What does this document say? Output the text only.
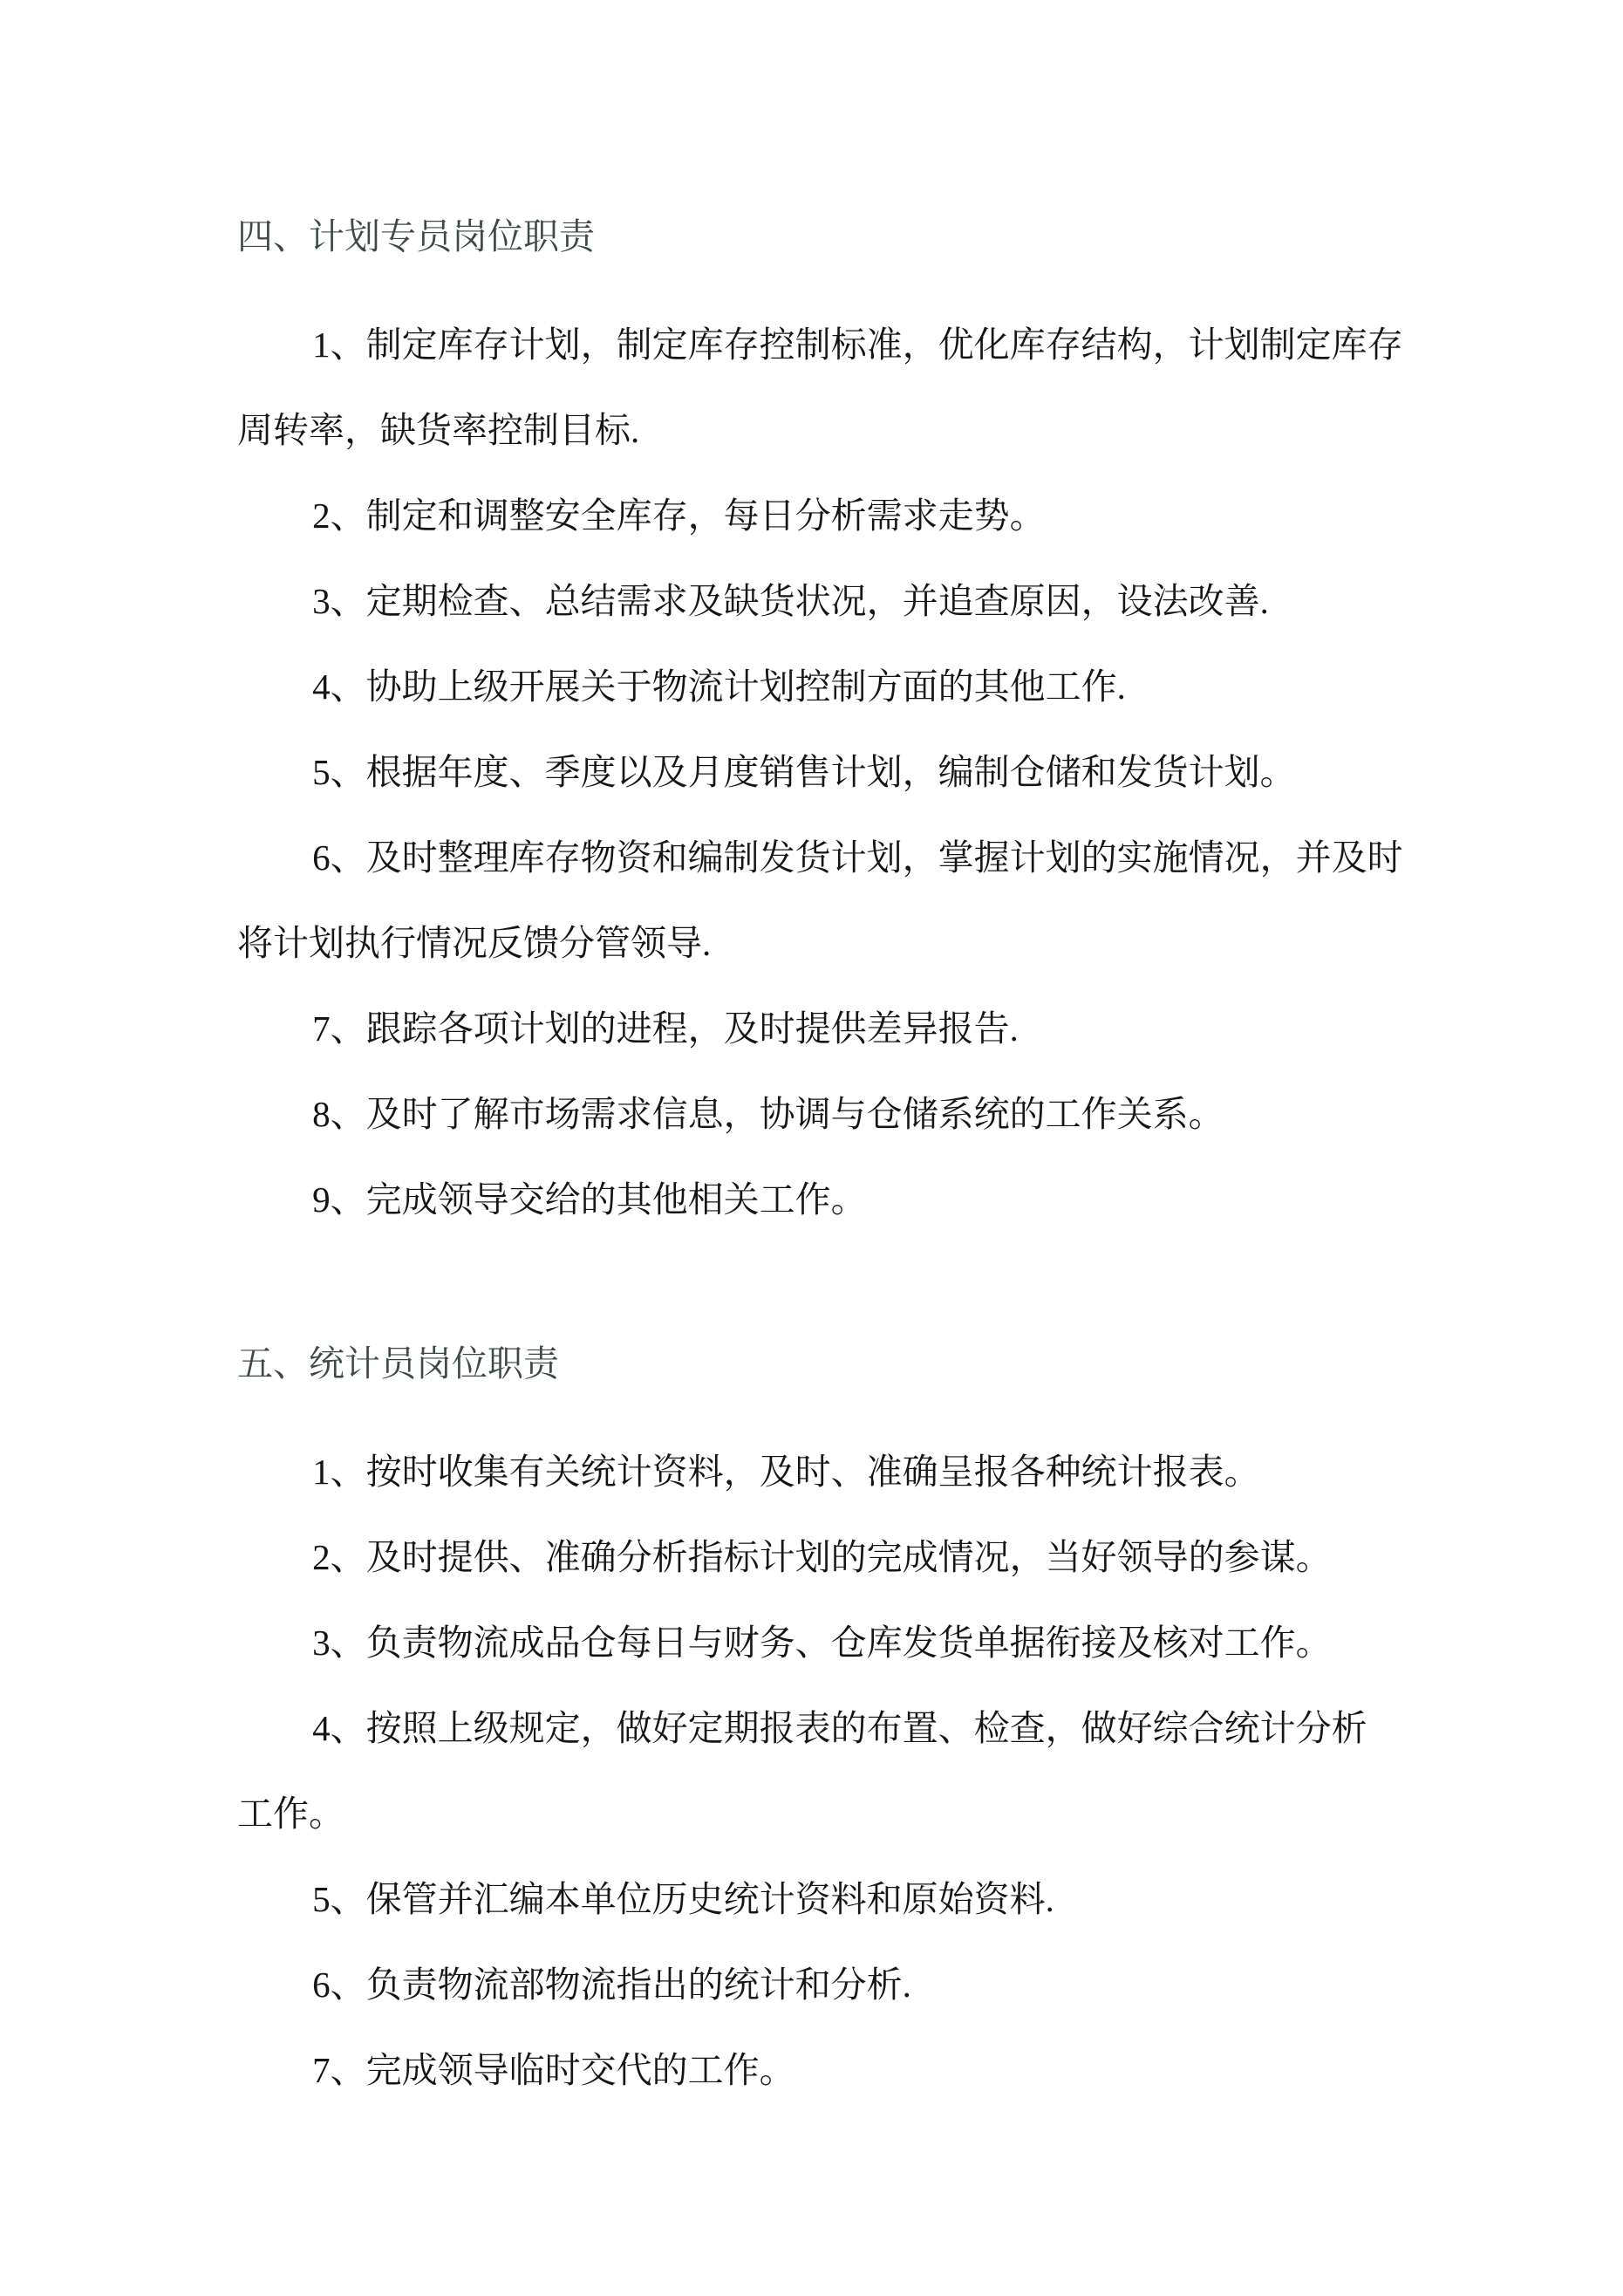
四、计划专员岗位职责

1、制定库存计划，制定库存控制标准，优化库存结构，计划制定库存

周转率，缺货率控制目标.

2、制定和调整安全库存，每日分析需求走势。

3、定期检查、总结需求及缺货状况，并追查原因，设法改善.

4、协助上级开展关于物流计划控制方面的其他工作.

5、根据年度、季度以及月度销售计划，编制仓储和发货计划。

6、及时整理库存物资和编制发货计划，掌握计划的实施情况，并及时

将计划执行情况反馈分管领导.

7、跟踪各项计划的进程，及时提供差异报告.

8、及时了解市场需求信息，协调与仓储系统的工作关系。

9、完成领导交给的其他相关工作。

五、统计员岗位职责

1、按时收集有关统计资料，及时、准确呈报各种统计报表。

2、及时提供、准确分析指标计划的完成情况，当好领导的参谋。

3、负责物流成品仓每日与财务、仓库发货单据衔接及核对工作。

4、按照上级规定，做好定期报表的布置、检查，做好综合统计分析

工作。

5、保管并汇编本单位历史统计资料和原始资料.

6、负责物流部物流指出的统计和分析.

7、完成领导临时交代的工作。
